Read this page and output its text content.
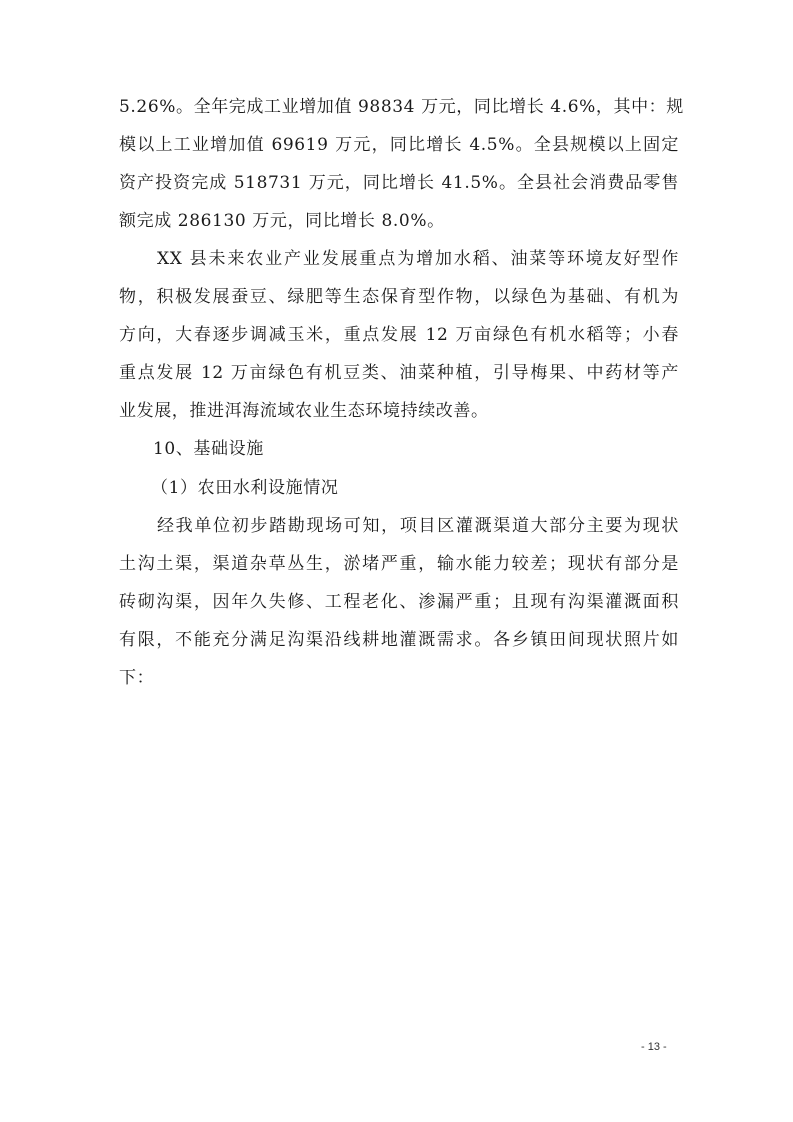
5.26%。全年完成工业增加值 98834 万元，同比增长 4.6%，其中：规
模以上工业增加值 69619 万元，同比增长 4.5%。全县规模以上固定
资产投资完成 518731 万元，同比增长 41.5%。全县社会消费品零售
额完成 286130 万元，同比增长 8.0%。
XX 县未来农业产业发展重点为增加水稻、油菜等环境友好型作
物，积极发展蚕豆、绿肥等生态保育型作物，以绿色为基础、有机为
方向，大春逐步调减玉米，重点发展 12 万亩绿色有机水稻等；小春
重点发展 12 万亩绿色有机豆类、油菜种植，引导梅果、中药材等产
业发展，推进洱海流域农业生态环境持续改善。
10、基础设施
（1）农田水利设施情况
经我单位初步踏勘现场可知，项目区灌溉渠道大部分主要为现状
土沟土渠，渠道杂草丛生，淤堵严重，输水能力较差；现状有部分是
砖砌沟渠，因年久失修、工程老化、渗漏严重；且现有沟渠灌溉面积
有限，不能充分满足沟渠沿线耕地灌溉需求。各乡镇田间现状照片如
下：
- 13 -
